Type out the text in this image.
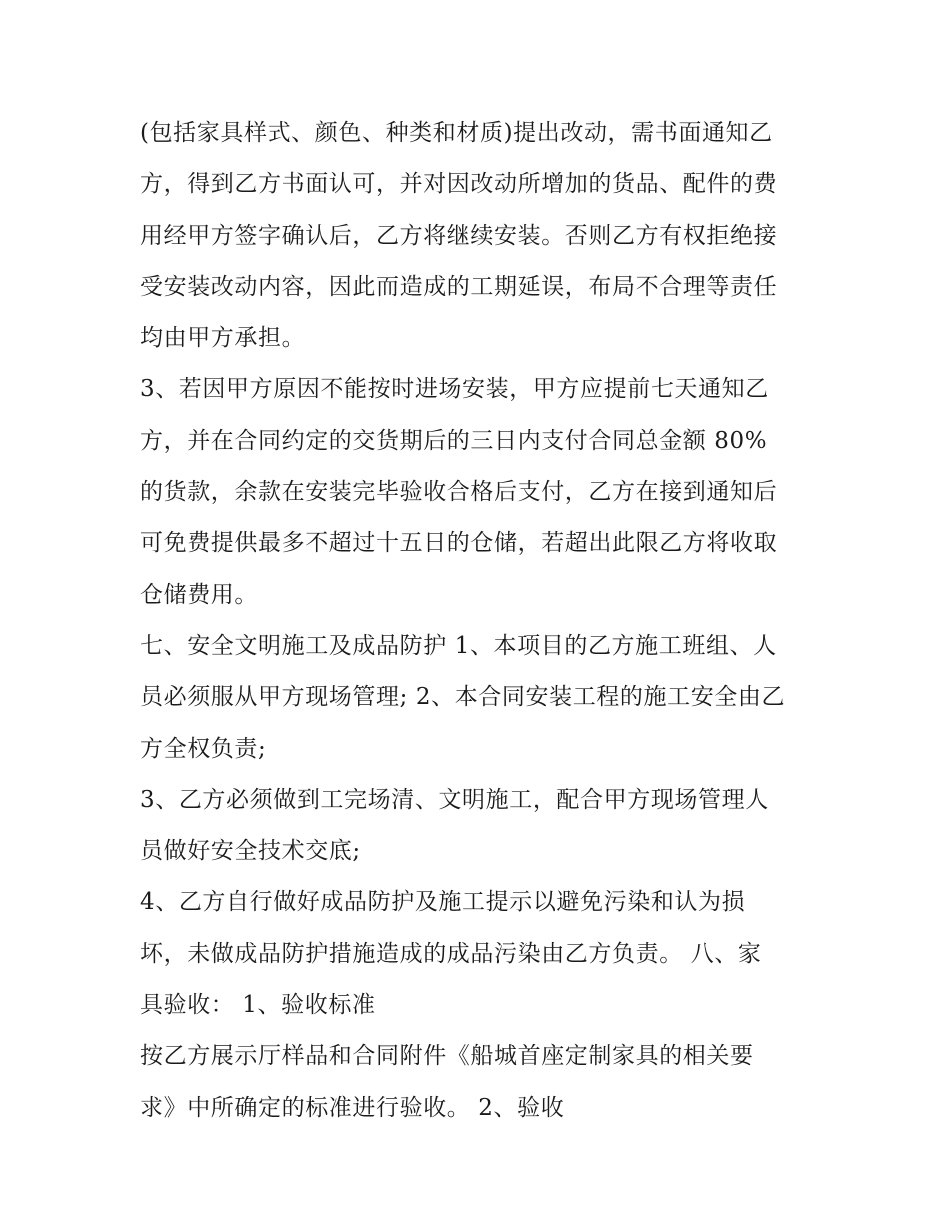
(包括家具样式、颜色、种类和材质)提出改动，需书面通知乙
方，得到乙方书面认可，并对因改动所增加的货品、配件的费
用经甲方签字确认后，乙方将继续安装。否则乙方有权拒绝接
受安装改动内容，因此而造成的工期延误，布局不合理等责任
均由甲方承担。
3、若因甲方原因不能按时进场安装，甲方应提前七天通知乙
方，并在合同约定的交货期后的三日内支付合同总金额 80%
的货款，余款在安装完毕验收合格后支付，乙方在接到通知后
可免费提供最多不超过十五日的仓储，若超出此限乙方将收取
仓储费用。
七、安全文明施工及成品防护 1、本项目的乙方施工班组、人
员必须服从甲方现场管理; 2、本合同安装工程的施工安全由乙
方全权负责;
3、乙方必须做到工完场清、文明施工，配合甲方现场管理人
员做好安全技术交底;
4、乙方自行做好成品防护及施工提示以避免污染和认为损
坏，未做成品防护措施造成的成品污染由乙方负责。 八、家
具验收： 1、验收标准
按乙方展示厅样品和合同附件《船城首座定制家具的相关要
求》中所确定的标准进行验收。 2、验收
